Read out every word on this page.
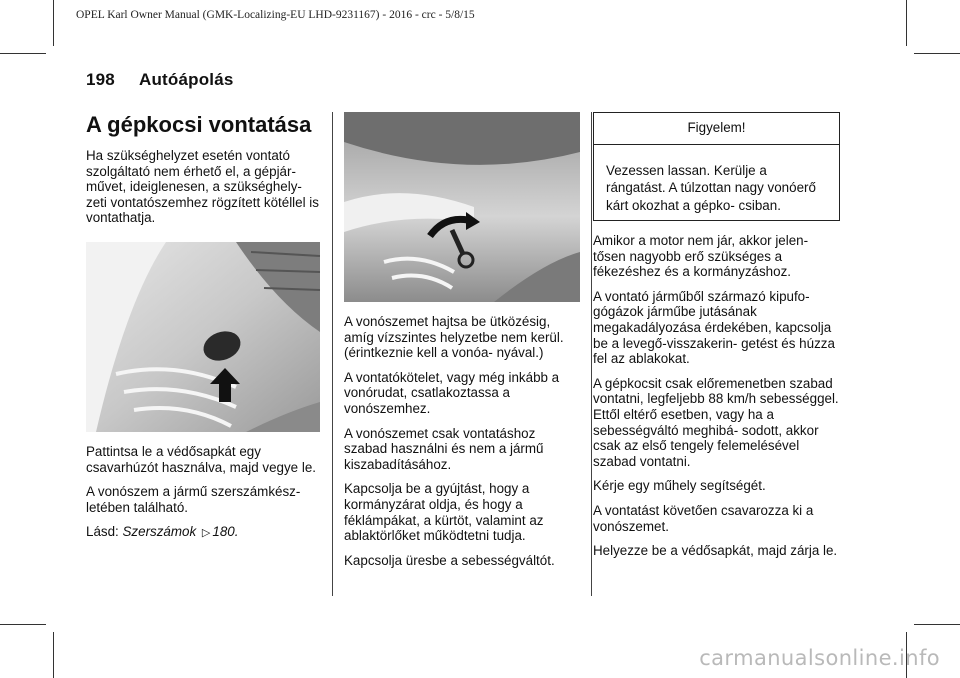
OPEL Karl Owner Manual (GMK-Localizing-EU LHD-9231167) - 2016 - crc - 5/8/15

198 Autóápolás
A gépkocsi vontatása

Ha szükséghelyzet esetén vontató szolgáltató nem érhető el, a gépjár- művet, ideiglenesen, a szükséghely- zeti vontatószemhez rögzített kötéllel is vontathatja.

Pattintsa le a védősapkát egy csavarhúzót használva, majd vegye le.

A vonószem a jármű szerszámkész- letében található.

Lásd: Szerszámok ▷ 180.

A vonószemet hajtsa be ütközésig, amíg vízszintes helyzetbe nem kerül. (érintkeznie kell a vonóa- nyával.)

A vontatókötelet, vagy még inkább a vonórudat, csatlakoztassa a vonószemhez.

A vonószemet csak vontatáshoz szabad használni és nem a jármű kiszabadításához.

Kapcsolja be a gyújtást, hogy a kormányzárat oldja, és hogy a féklámpákat, a kürtöt, valamint az ablaktörlőket működtetni tudja.

Kapcsolja üresbe a sebességváltót.

Figyelem!

Vezessen lassan. Kerülje a rángatást. A túlzottan nagy vonóerő kárt okozhat a gépko- csiban.

Amikor a motor nem jár, akkor jelen- tősen nagyobb erő szükséges a fékezéshez és a kormányzáshoz.

A vontató járműből származó kipufo- gógázok járműbe jutásának megakadályozása érdekében, kapcsolja be a levegő-visszakerin- getést és húzza fel az ablakokat.

A gépkocsit csak előremenetben szabad vontatni, legfeljebb 88 km/h sebességgel. Ettől eltérő esetben, vagy ha a sebességváltó meghibá- sodott, akkor csak az első tengely felemelésével szabad vontatni.

Kérje egy műhely segítségét.

A vontatást követően csavarozza ki a vonószemet.

Helyezze be a védősapkát, majd zárja le.

carmanualsonline.info
